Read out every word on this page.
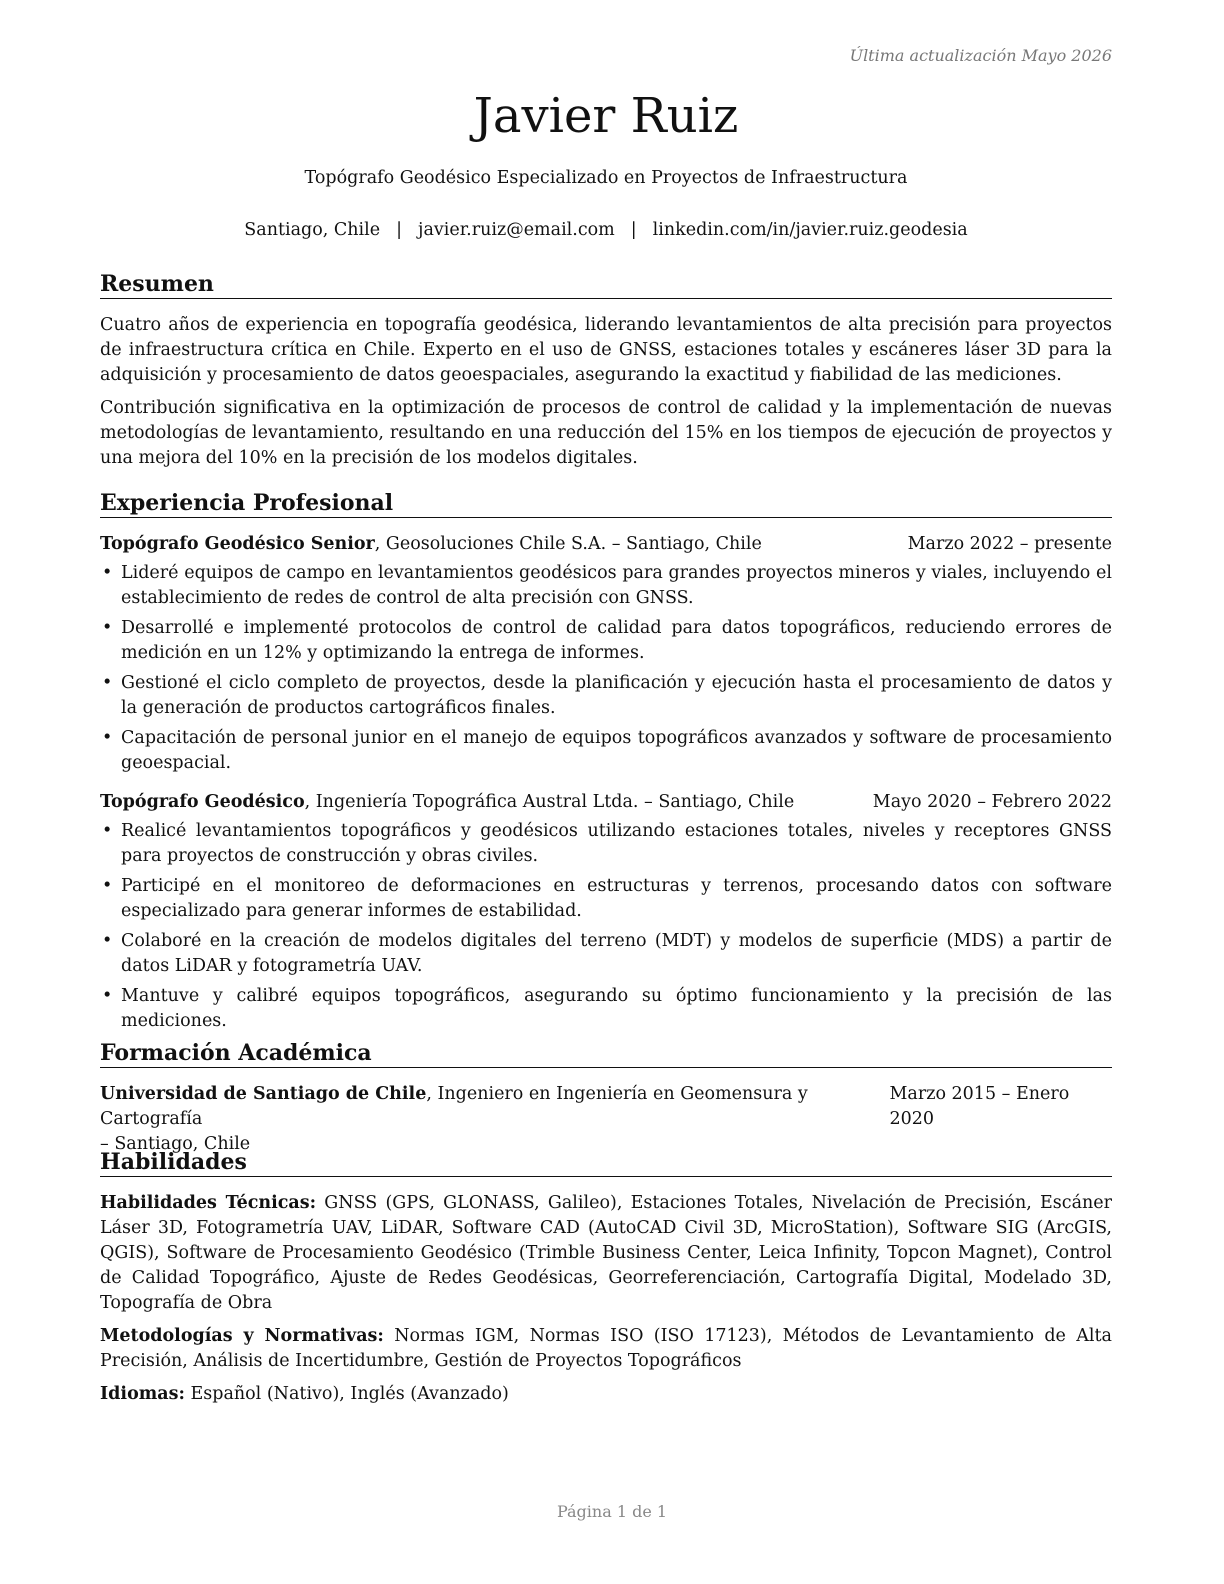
Última actualización Mayo 2026
Javier Ruiz
Topógrafo Geodésico Especializado en Proyectos de Infraestructura
Santiago, Chile | javier.ruiz@email.com | linkedin.com/in/javier.ruiz.geodesia
Resumen

Cuatro años de experiencia en topografía geodésica, liderando levantamientos de alta precisión para proyectos de infraestructura crítica en Chile. Experto en el uso de GNSS, estaciones totales y escáneres láser 3D para la adquisición y procesamiento de datos geoespaciales, asegurando la exactitud y fiabilidad de las mediciones.

Contribución significativa en la optimización de procesos de control de calidad y la implementación de nuevas metodologías de levantamiento, resultando en una reducción del 15% en los tiempos de ejecución de proyectos y una mejora del 10% en la precisión de los modelos digitales.

Experiencia Profesional
Topógrafo Geodésico Senior, Geosoluciones Chile S.A. – Santiago, Chile	Marzo 2022 – presente
• Lideré equipos de campo en levantamientos geodésicos para grandes proyectos mineros y viales, incluyendo el establecimiento de redes de control de alta precisión con GNSS.
• Desarrollé e implementé protocolos de control de calidad para datos topográficos, reduciendo errores de medición en un 12% y optimizando la entrega de informes.
• Gestioné el ciclo completo de proyectos, desde la planificación y ejecución hasta el procesamiento de datos y la generación de productos cartográficos finales.
• Capacitación de personal junior en el manejo de equipos topográficos avanzados y software de procesamiento geoespacial.
Topógrafo Geodésico, Ingeniería Topográfica Austral Ltda. – Santiago, Chile	Mayo 2020 – Febrero 2022
• Realicé levantamientos topográficos y geodésicos utilizando estaciones totales, niveles y receptores GNSS para proyectos de construcción y obras civiles.
• Participé en el monitoreo de deformaciones en estructuras y terrenos, procesando datos con software especializado para generar informes de estabilidad.
• Colaboré en la creación de modelos digitales del terreno (MDT) y modelos de superficie (MDS) a partir de datos LiDAR y fotogrametría UAV.
• Mantuve y calibré equipos topográficos, asegurando su óptimo funcionamiento y la precisión de las mediciones.
Formación Académica
Universidad de Santiago de Chile, Ingeniero en Ingeniería en Geomensura y Cartografía
Marzo 2015 – Enero 2020

– Santiago, Chile

Habilidades

Habilidades Técnicas: GNSS (GPS, GLONASS, Galileo), Estaciones Totales, Nivelación de Precisión, Escáner Láser 3D, Fotogrametría UAV, LiDAR, Software CAD (AutoCAD Civil 3D, MicroStation), Software SIG (ArcGIS, QGIS), Software de Procesamiento Geodésico (Trimble Business Center, Leica Infinity, Topcon Magnet), Control de Calidad Topográfico, Ajuste de Redes Geodésicas, Georreferenciación, Cartografía Digital, Modelado 3D, Topografía de Obra

Metodologías y Normativas: Normas IGM, Normas ISO (ISO 17123), Métodos de Levantamiento de Alta Precisión, Análisis de Incertidumbre, Gestión de Proyectos Topográficos

Idiomas: Español (Nativo), Inglés (Avanzado)

Página 1 de 1
